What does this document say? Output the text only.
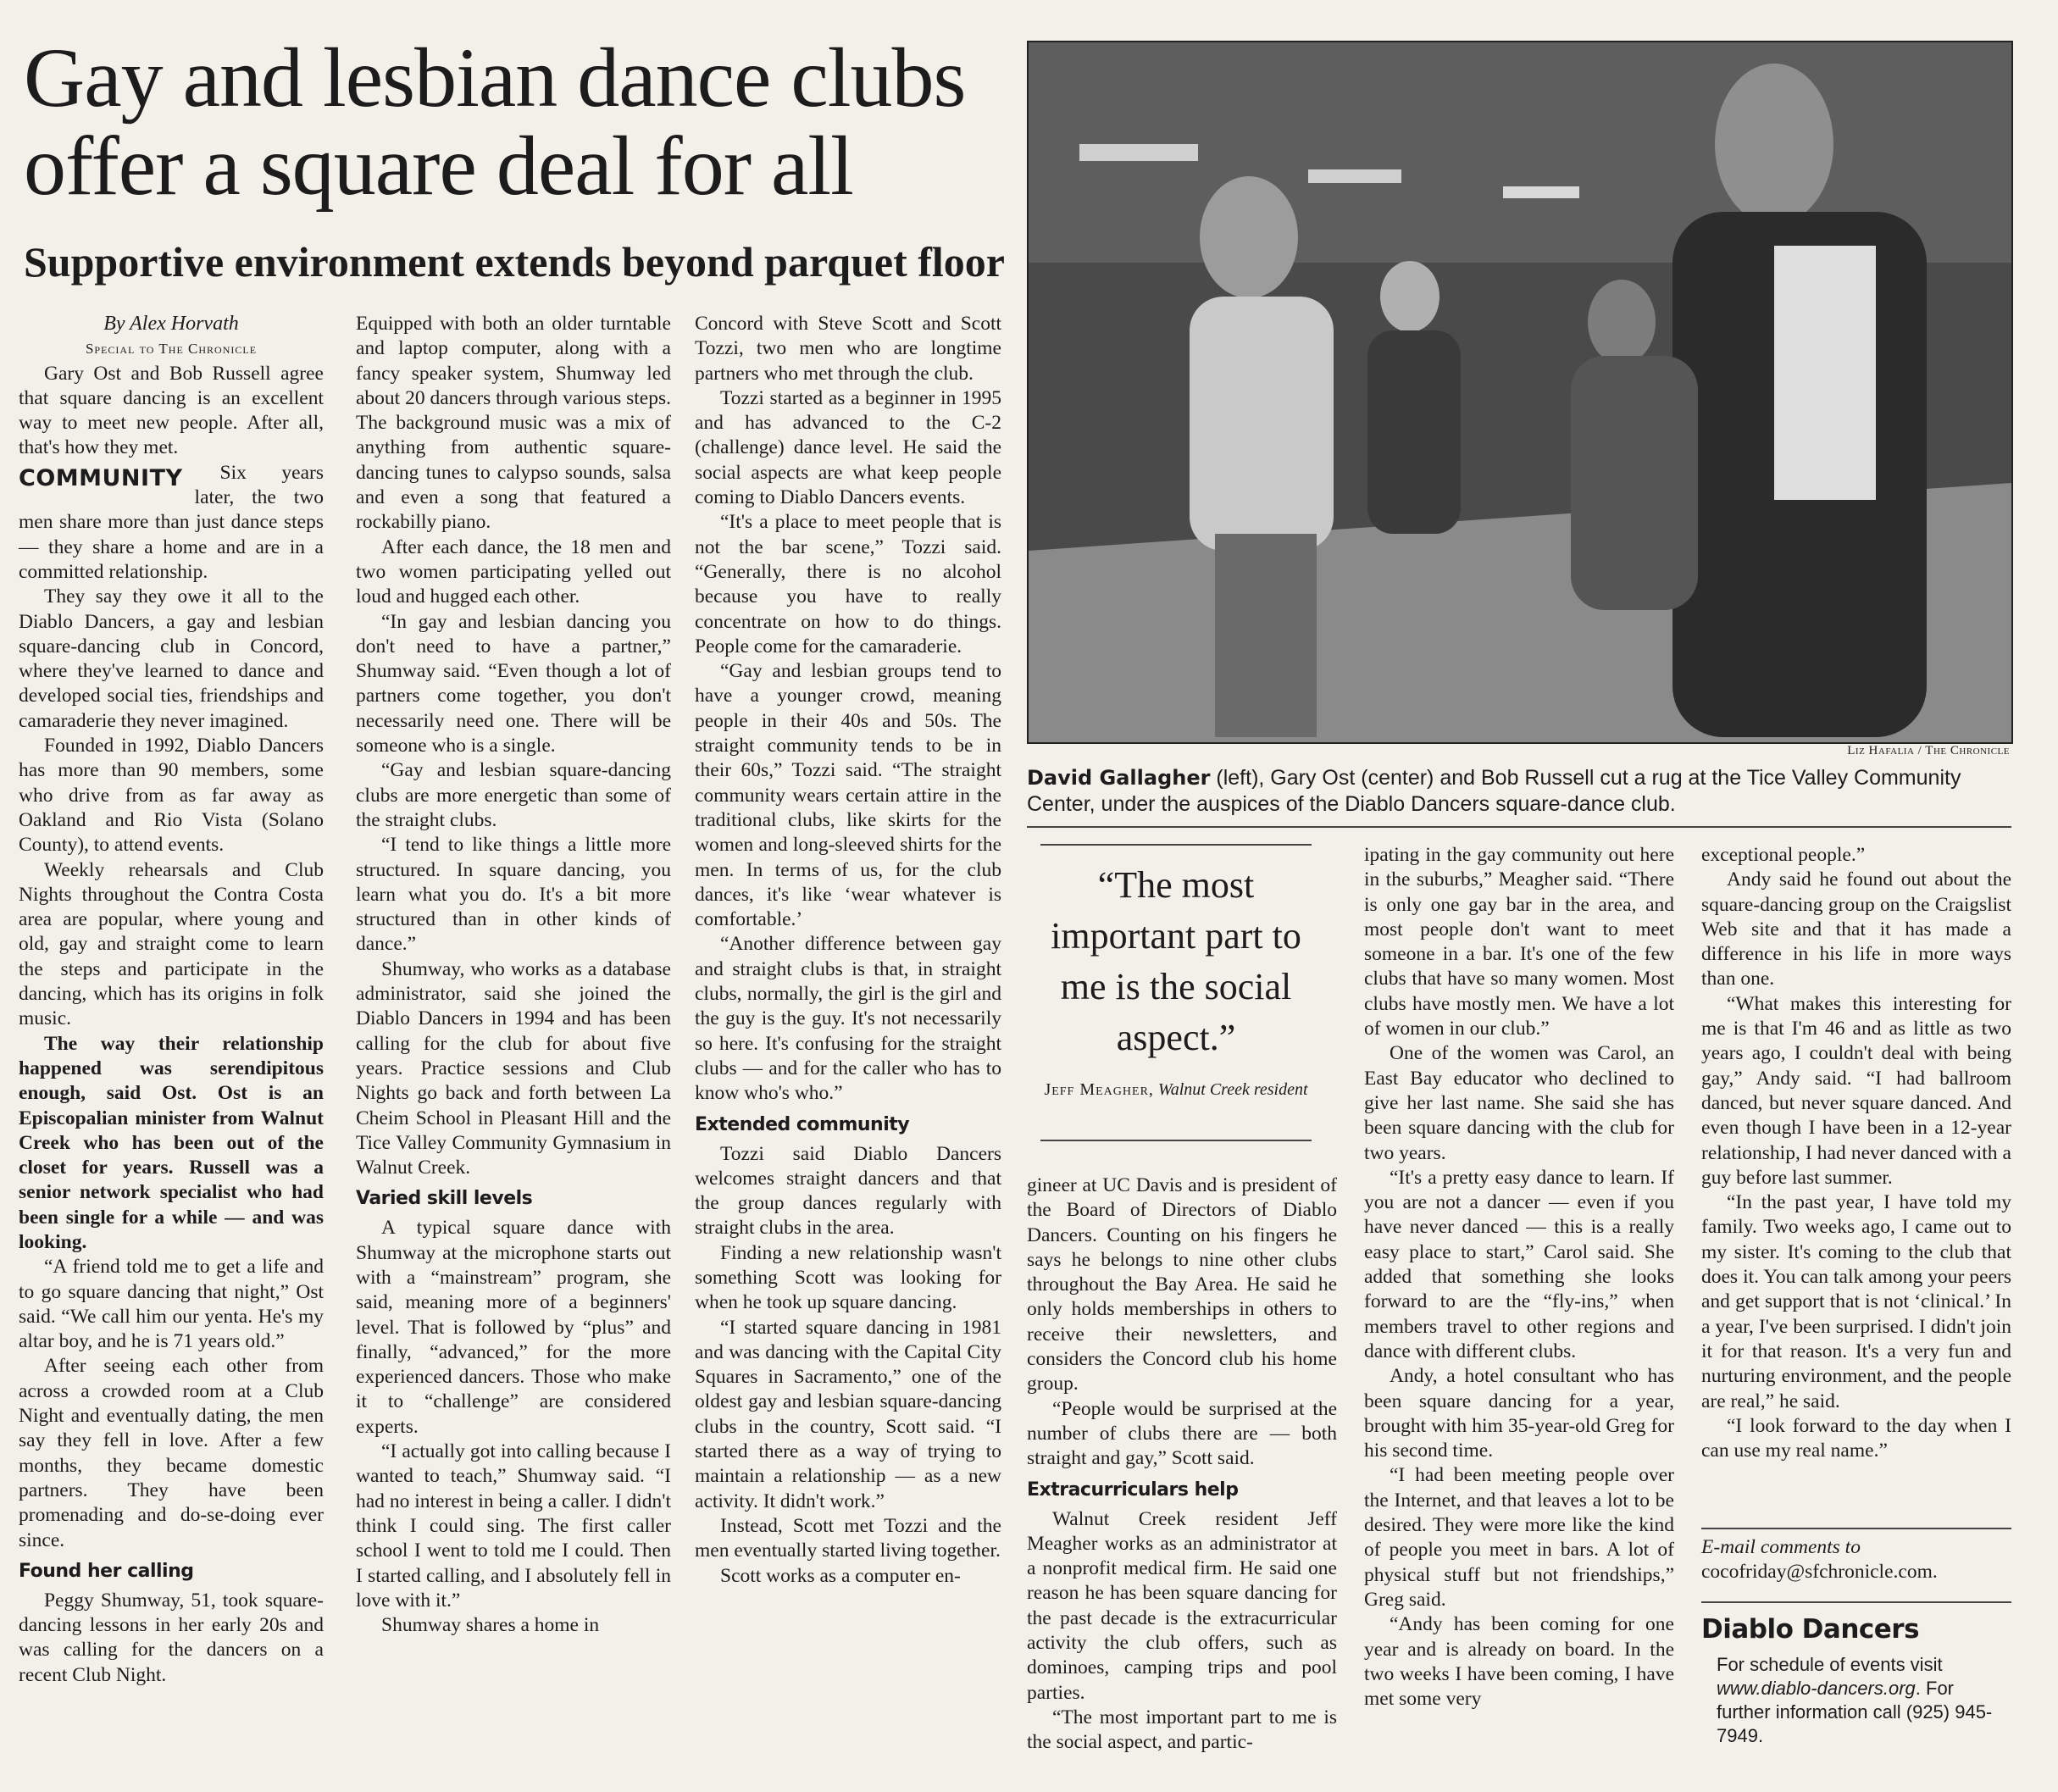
Gay and lesbian dance clubs offer a square deal for all
Supportive environment extends beyond parquet floor

By Alex Horvath

Special to The Chronicle

Gary Ost and Bob Russell agree that square dancing is an excellent way to meet new people. After all, that's how they met.

COMMUNITY Six years later, the two men share more than just dance steps — they share a home and are in a committed relationship.

They say they owe it all to the Diablo Dancers, a gay and lesbian square-dancing club in Concord, where they've learned to dance and developed social ties, friendships and camaraderie they never imagined.

Founded in 1992, Diablo Dancers has more than 90 members, some who drive from as far away as Oakland and Rio Vista (Solano County), to attend events.

Weekly rehearsals and Club Nights throughout the Contra Costa area are popular, where young and old, gay and straight come to learn the steps and participate in the dancing, which has its origins in folk music.

The way their relationship happened was serendipitous enough, said Ost. Ost is an Episcopalian minister from Walnut Creek who has been out of the closet for years. Russell was a senior network specialist who had been single for a while — and was looking.

“A friend told me to get a life and to go square dancing that night,” Ost said. “We call him our yenta. He's my altar boy, and he is 71 years old.”

After seeing each other from across a crowded room at a Club Night and eventually dating, the men say they fell in love. After a few months, they became domestic partners. They have been promenading and do-se-doing ever since.

Found her calling

Peggy Shumway, 51, took square-dancing lessons in her early 20s and was calling for the dancers on a recent Club Night.

Equipped with both an older turntable and laptop computer, along with a fancy speaker system, Shumway led about 20 dancers through various steps. The background music was a mix of anything from authentic square-dancing tunes to calypso sounds, salsa and even a song that featured a rockabilly piano.

After each dance, the 18 men and two women participating yelled out loud and hugged each other.

“In gay and lesbian dancing you don't need to have a partner,” Shumway said. “Even though a lot of partners come together, you don't necessarily need one. There will be someone who is a single.

“Gay and lesbian square-dancing clubs are more energetic than some of the straight clubs.

“I tend to like things a little more structured. In square dancing, you learn what you do. It's a bit more structured than in other kinds of dance.”

Shumway, who works as a database administrator, said she joined the Diablo Dancers in 1994 and has been calling for the club for about five years. Practice sessions and Club Nights go back and forth between La Cheim School in Pleasant Hill and the Tice Valley Community Gymnasium in Walnut Creek.

Varied skill levels

A typical square dance with Shumway at the microphone starts out with a “mainstream” program, she said, meaning more of a beginners' level. That is followed by “plus” and finally, “advanced,” for the more experienced dancers. Those who make it to “challenge” are considered experts.

“I actually got into calling because I wanted to teach,” Shumway said. “I had no interest in being a caller. I didn't think I could sing. The first caller school I went to told me I could. Then I started calling, and I absolutely fell in love with it.”

Shumway shares a home in

Concord with Steve Scott and Scott Tozzi, two men who are longtime partners who met through the club.

Tozzi started as a beginner in 1995 and has advanced to the C-2 (challenge) dance level. He said the social aspects are what keep people coming to Diablo Dancers events.

“It's a place to meet people that is not the bar scene,” Tozzi said. “Generally, there is no alcohol because you have to really concentrate on how to do things. People come for the camaraderie.

“Gay and lesbian groups tend to have a younger crowd, meaning people in their 40s and 50s. The straight community tends to be in their 60s,” Tozzi said. “The straight community wears certain attire in the traditional clubs, like skirts for the women and long-sleeved shirts for the men. In terms of us, for the club dances, it's like ‘wear whatever is comfortable.’

“Another difference between gay and straight clubs is that, in straight clubs, normally, the girl is the girl and the guy is the guy. It's not necessarily so here. It's confusing for the straight clubs — and for the caller who has to know who's who.”

Extended community

Tozzi said Diablo Dancers welcomes straight dancers and that the group dances regularly with straight clubs in the area.

Finding a new relationship wasn't something Scott was looking for when he took up square dancing.

“I started square dancing in 1981 and was dancing with the Capital City Squares in Sacramento,” one of the oldest gay and lesbian square-dancing clubs in the country, Scott said. “I started there as a way of trying to maintain a relationship — as a new activity. It didn't work.”

Instead, Scott met Tozzi and the men eventually started living together.

Scott works as a computer en-

Liz Hafalia / The Chronicle
David Gallagher (left), Gary Ost (center) and Bob Russell cut a rug at the Tice Valley Community Center, under the auspices of the Diablo Dancers square-dance club.

“The most important part to me is the social aspect.”

Jeff Meagher, Walnut Creek resident

gineer at UC Davis and is president of the Board of Directors of Diablo Dancers. Counting on his fingers he says he belongs to nine other clubs throughout the Bay Area. He said he only holds memberships in others to receive their newsletters, and considers the Concord club his home group.

“People would be surprised at the number of clubs there are — both straight and gay,” Scott said.

Extracurriculars help

Walnut Creek resident Jeff Meagher works as an administrator at a nonprofit medical firm. He said one reason he has been square dancing for the past decade is the extracurricular activity the club offers, such as dominoes, camping trips and pool parties.

“The most important part to me is the social aspect, and partic-

ipating in the gay community out here in the suburbs,” Meagher said. “There is only one gay bar in the area, and most people don't want to meet someone in a bar. It's one of the few clubs that have so many women. Most clubs have mostly men. We have a lot of women in our club.”

One of the women was Carol, an East Bay educator who declined to give her last name. She said she has been square dancing with the club for two years.

“It's a pretty easy dance to learn. If you are not a dancer — even if you have never danced — this is a really easy place to start,” Carol said. She added that something she looks forward to are the “fly-ins,” when members travel to other regions and dance with different clubs.

Andy, a hotel consultant who has been square dancing for a year, brought with him 35-year-old Greg for his second time.

“I had been meeting people over the Internet, and that leaves a lot to be desired. They were more like the kind of people you meet in bars. A lot of physical stuff but not friendships,” Greg said.

“Andy has been coming for one year and is already on board. In the two weeks I have been coming, I have met some very

exceptional people.”

Andy said he found out about the square-dancing group on the Craigslist Web site and that it has made a difference in his life in more ways than one.

“What makes this interesting for me is that I'm 46 and as little as two years ago, I couldn't deal with being gay,” Andy said. “I had ballroom danced, but never square danced. And even though I have been in a 12-year relationship, I had never danced with a guy before last summer.

“In the past year, I have told my family. Two weeks ago, I came out to my sister. It's coming to the club that does it. You can talk among your peers and get support that is not ‘clinical.’ In a year, I've been surprised. I didn't join it for that reason. It's a very fun and nurturing environment, and the people are real,” he said.

“I look forward to the day when I can use my real name.”

E-mail comments to
cocofriday@sfchronicle.com.
Diablo Dancers
For schedule of events visit www.diablo-dancers.org. For further information call (925) 945-7949.
